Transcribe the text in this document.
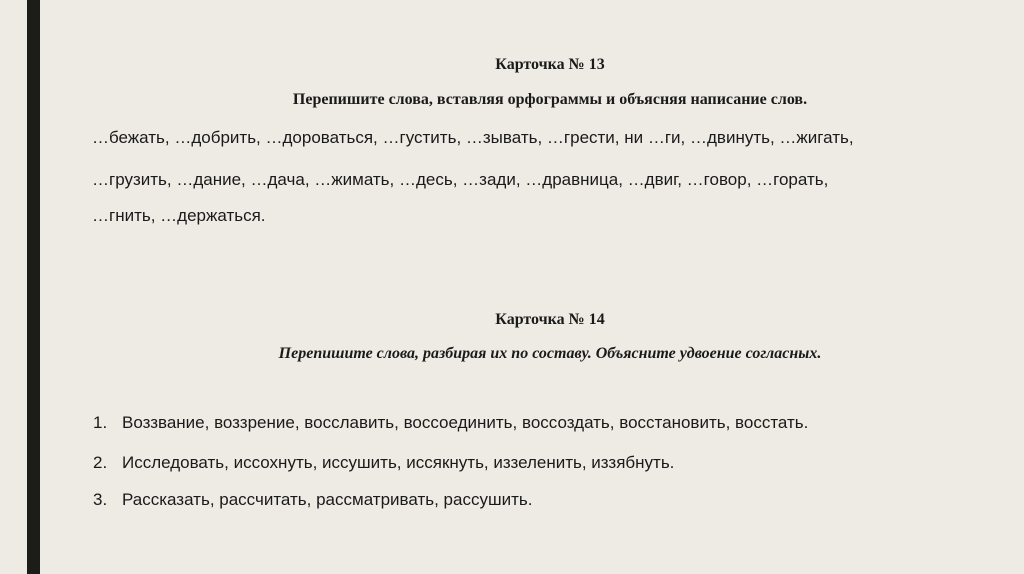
Карточка № 13
Перепишите слова, вставляя орфограммы и объясняя написание слов.
…бежать, …добрить, …дороваться, …густить, …зывать, …грести, ни …ги, …двинуть, …жигать,
…грузить, …дание, …дача, …жимать, …десь, …зади, …дравница, …двиг, …говор, …горать,
…гнить, …держаться.
Карточка № 14
Перепишите слова, разбирая их по составу. Объясните удвоение согласных.
1. Воззвание, воззрение, восславить, воссоединить, воссоздать, восстановить, восстать.
2. Исследовать, иссохнуть, иссушить, иссякнуть, иззеленить, иззябнуть.
3. Рассказать, рассчитать, рассматривать, рассушить.
